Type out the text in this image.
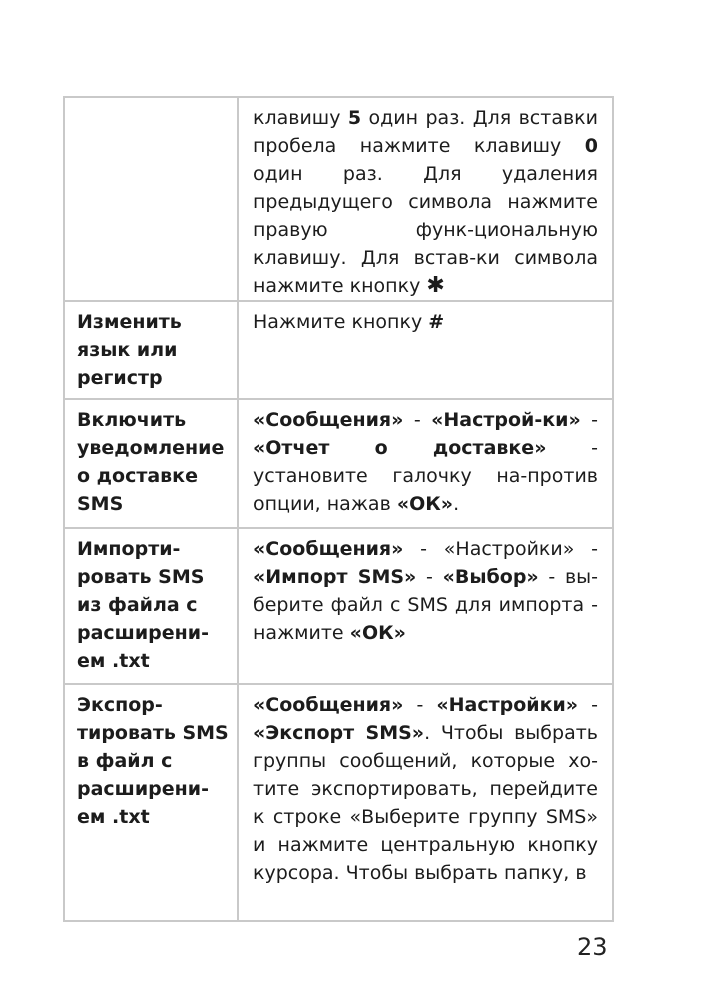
	клавишу 5 один раз. Для вставки пробела нажмите клавишу 0 один раз. Для удаления предыдущего символа нажмите правую функ-циональную клавишу. Для встав-ки символа нажмите кнопку ✱

Изменить язык или регистр	Нажмите кнопку #

Включить уведомление о доставке SMS	«Сообщения» - «Настрой-ки» - «Отчет о доставке» - установите галочку на-против опции, нажав «ОК».

Импорти-ровать SMS из файла с расширени-ем .txt	«Сообщения» - «Настройки» - «Импорт SMS» - «Выбор» - вы-берите файл с SMS для импорта - нажмите «ОК»

Экспор-тировать SMS в файл с расширени-ем .txt	«Сообщения» - «Настройки» - «Экспорт SMS». Чтобы выбрать группы сообщений, которые хо-тите экспортировать, перейдите к строке «Выберите группу SMS» и нажмите центральную кнопку курсора. Чтобы выбрать папку, в
23
